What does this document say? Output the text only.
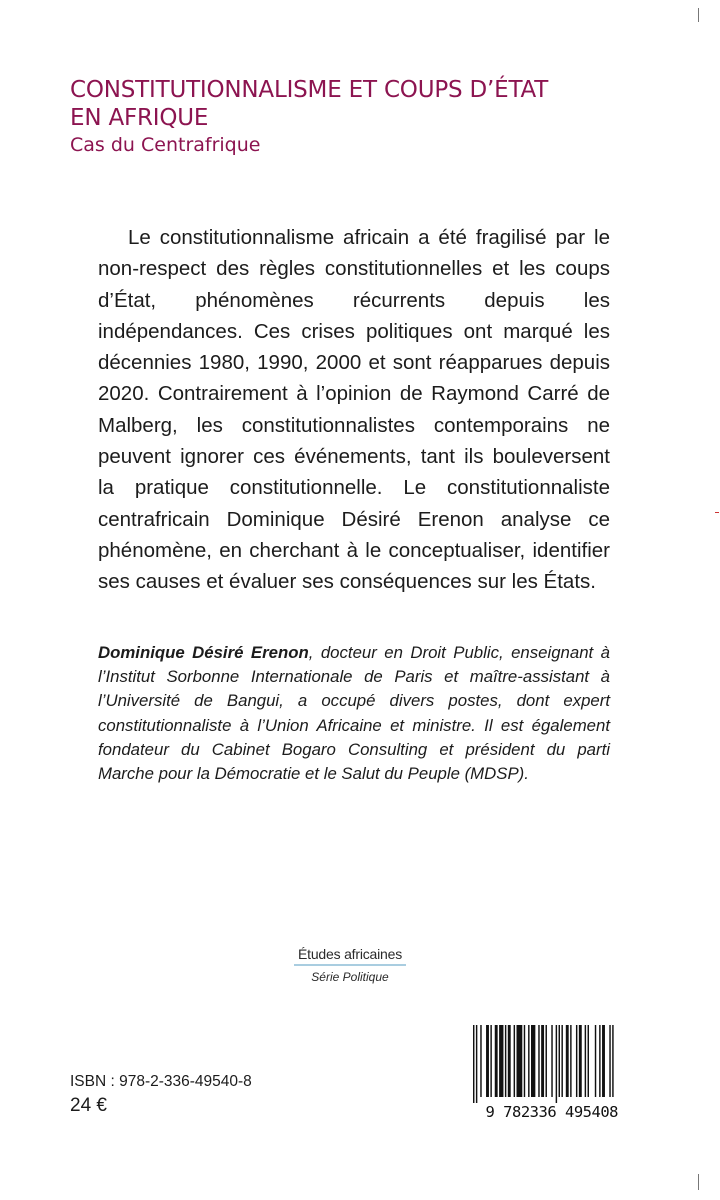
CONSTITUTIONNALISME ET COUPS D’ÉTAT
EN AFRIQUE
Cas du Centrafrique

Le constitutionnalisme africain a été fragilisé par le non-respect des règles constitutionnelles et les coups d’État, phénomènes récurrents depuis les indépendances. Ces crises politiques ont marqué les décennies 1980, 1990, 2000 et sont réapparues depuis 2020. Contrairement à l’opinion de Raymond Carré de Malberg, les constitutionnalistes contemporains ne peuvent ignorer ces événements, tant ils bouleversent la pratique constitutionnelle. Le constitutionnaliste centrafricain Dominique Désiré Erenon analyse ce phénomène, en cherchant à le conceptualiser, identifier ses causes et évaluer ses conséquences sur les États.

Dominique Désiré Erenon, docteur en Droit Public, enseignant à l’Institut Sorbonne Internationale de Paris et maître-assistant à l’Université de Bangui, a occupé divers postes, dont expert constitutionnaliste à l’Union Africaine et ministre. Il est également fondateur du Cabinet Bogaro Consulting et président du parti Marche pour la Démocratie et le Salut du Peuple (MDSP).

Études africaines
Série Politique
ISBN : 978-2-336-49540-8
24 €	9 782336 495408
